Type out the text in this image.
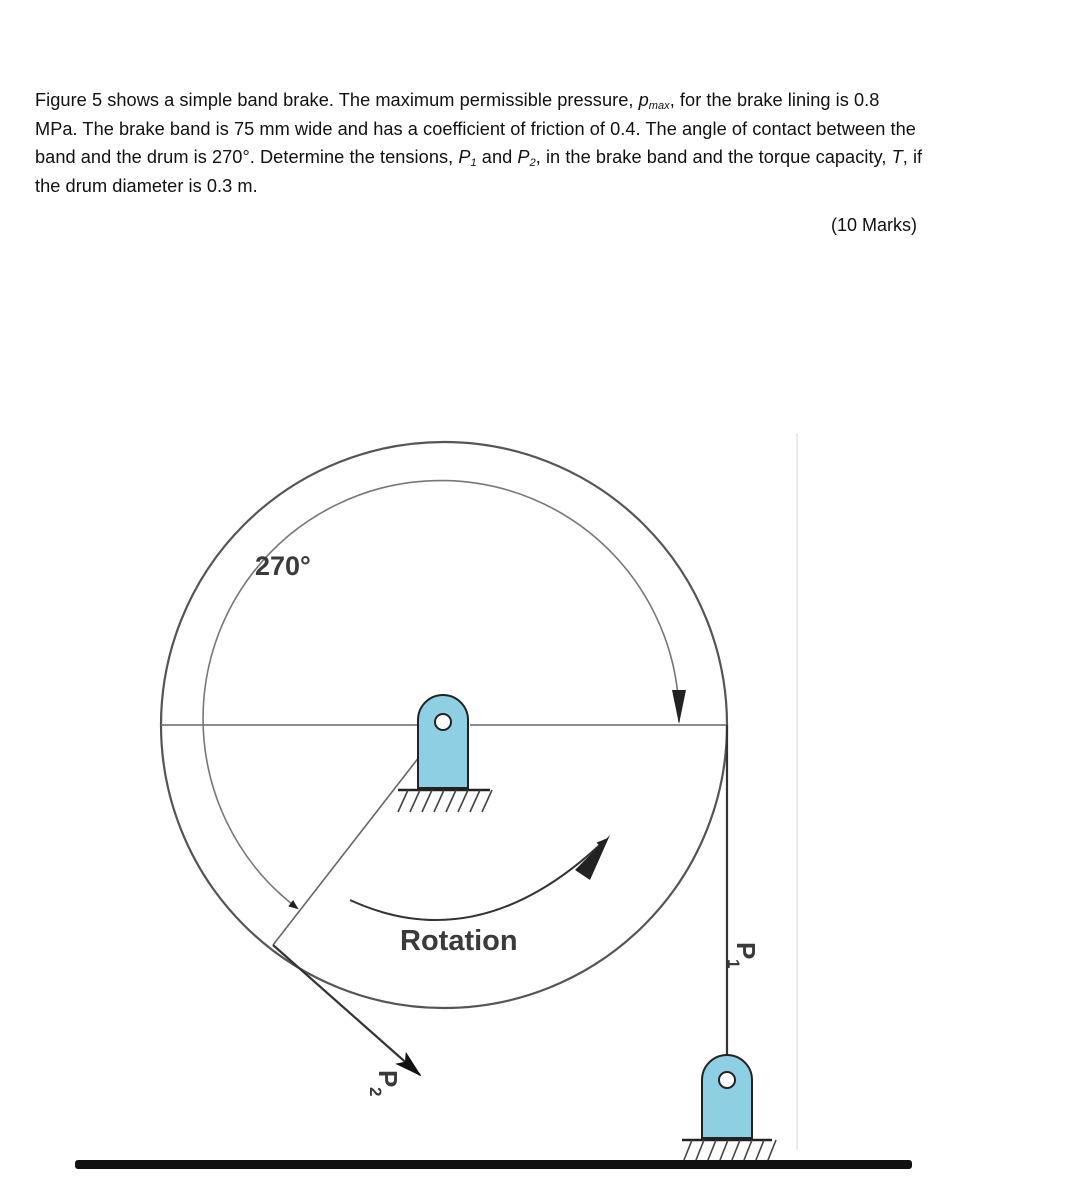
Figure 5 shows a simple band brake. The maximum permissible pressure, $p_{max}$, for the brake lining is 0.8 MPa. The brake band is 75 mm wide and has a coefficient of friction of 0.4. The angle of contact between the band and the drum is 270°. Determine the tensions, $P_1$ and $P_2$, in the brake band and the torque capacity, T, if the drum diameter is 0.3 m.
(10 Marks)
270°
Rotation	P
1
P
2
